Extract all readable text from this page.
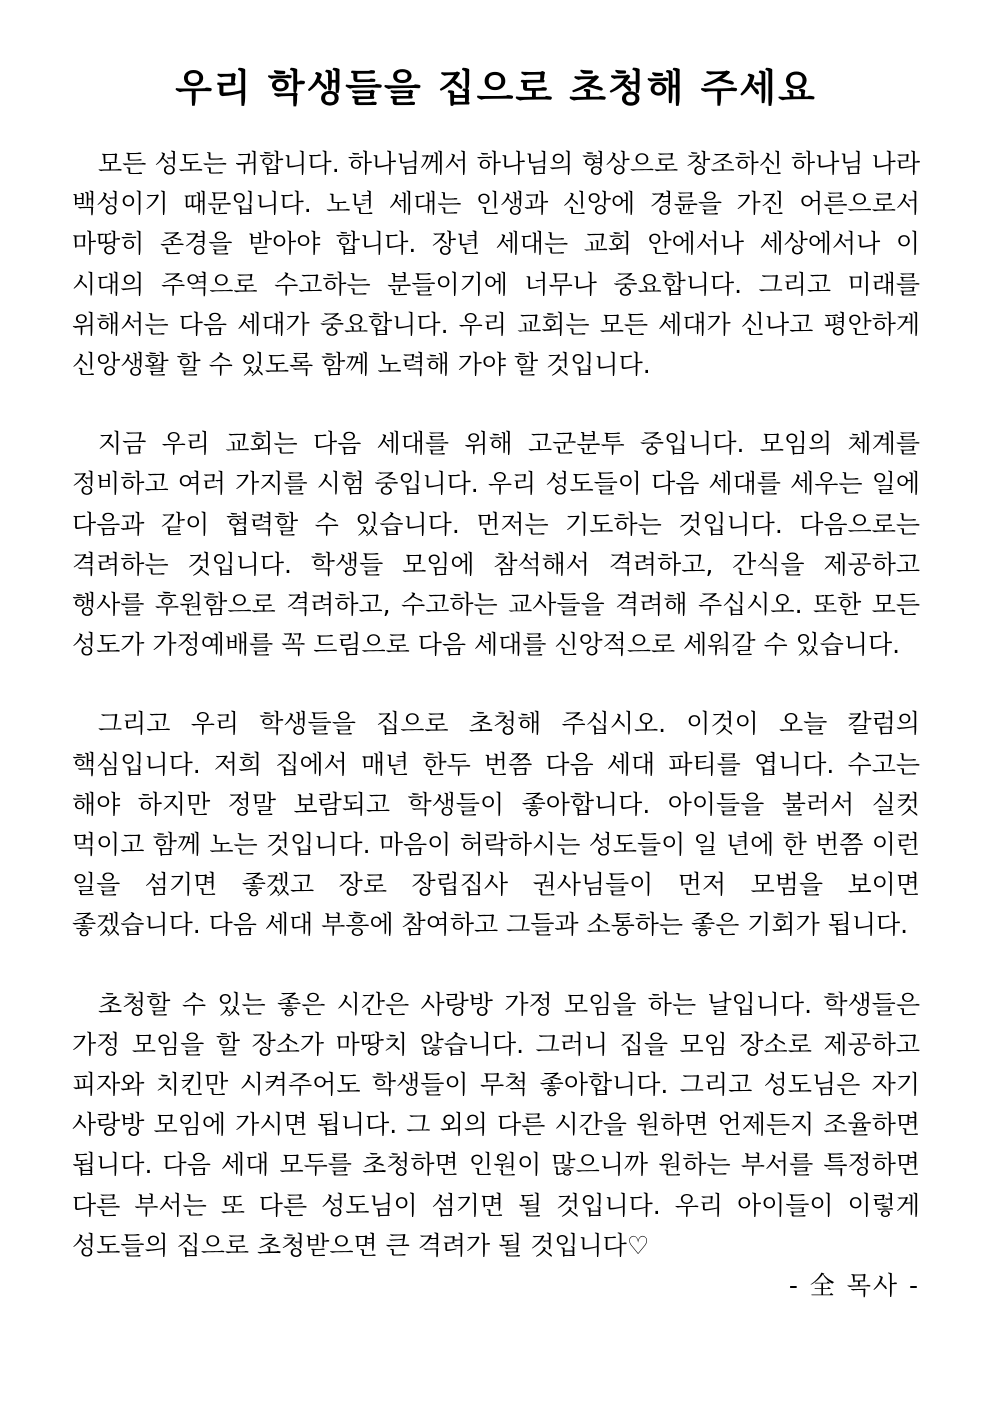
우리 학생들을 집으로 초청해 주세요

모든 성도는 귀합니다. 하나님께서 하나님의 형상으로 창조하신 하나님 나라 백성이기 때문입니다. 노년 세대는 인생과 신앙에 경륜을 가진 어른으로서 마땅히 존경을 받아야 합니다. 장년 세대는 교회 안에서나 세상에서나 이 시대의 주역으로 수고하는 분들이기에 너무나 중요합니다. 그리고 미래를 위해서는 다음 세대가 중요합니다. 우리 교회는 모든 세대가 신나고 평안하게 신앙생활 할 수 있도록 함께 노력해 가야 할 것입니다.

지금 우리 교회는 다음 세대를 위해 고군분투 중입니다. 모임의 체계를 정비하고 여러 가지를 시험 중입니다. 우리 성도들이 다음 세대를 세우는 일에 다음과 같이 협력할 수 있습니다. 먼저는 기도하는 것입니다. 다음으로는 격려하는 것입니다. 학생들 모임에 참석해서 격려하고, 간식을 제공하고 행사를 후원함으로 격려하고, 수고하는 교사들을 격려해 주십시오. 또한 모든 성도가 가정예배를 꼭 드림으로 다음 세대를 신앙적으로 세워갈 수 있습니다.

그리고 우리 학생들을 집으로 초청해 주십시오. 이것이 오늘 칼럼의 핵심입니다. 저희 집에서 매년 한두 번쯤 다음 세대 파티를 엽니다. 수고는 해야 하지만 정말 보람되고 학생들이 좋아합니다. 아이들을 불러서 실컷 먹이고 함께 노는 것입니다. 마음이 허락하시는 성도들이 일 년에 한 번쯤 이런 일을 섬기면 좋겠고 장로 장립집사 권사님들이 먼저 모범을 보이면 좋겠습니다. 다음 세대 부흥에 참여하고 그들과 소통하는 좋은 기회가 됩니다.

초청할 수 있는 좋은 시간은 사랑방 가정 모임을 하는 날입니다. 학생들은 가정 모임을 할 장소가 마땅치 않습니다. 그러니 집을 모임 장소로 제공하고 피자와 치킨만 시켜주어도 학생들이 무척 좋아합니다. 그리고 성도님은 자기 사랑방 모임에 가시면 됩니다. 그 외의 다른 시간을 원하면 언제든지 조율하면 됩니다. 다음 세대 모두를 초청하면 인원이 많으니까 원하는 부서를 특정하면 다른 부서는 또 다른 성도님이 섬기면 될 것입니다. 우리 아이들이 이렇게 성도들의 집으로 초청받으면 큰 격려가 될 것입니다♡

- 全 목사 -
